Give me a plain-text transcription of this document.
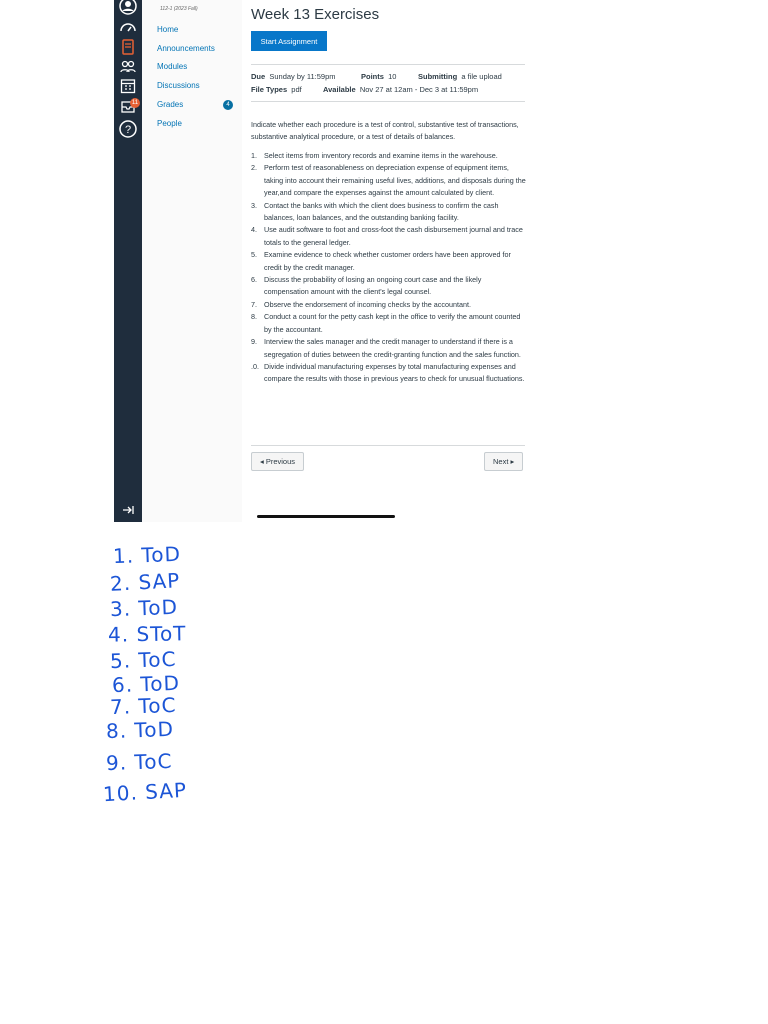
?
11
112-1 (2023 Fall)
Home
Announcements
Modules
Discussions
Grades	4
People
Week 13 Exercises
Start Assignment
Due Sunday by 11:59pm	Points 10	Submitting a file upload
File Types pdf	Available Nov 27 at 12am - Dec 3 at 11:59pm

Indicate whether each procedure is a test of control, substantive test of transactions, substantive analytical procedure, or a test of details of balances.

1. Select items from inventory records and examine items in the warehouse.
2. Perform test of reasonableness on depreciation expense of equipment items, taking into account their remaining useful lives, additions, and disposals during the year,and compare the expenses against the amount calculated by client.
3. Contact the banks with which the client does business to confirm the cash balances, loan balances, and the outstanding banking facility.
4. Use audit software to foot and cross-foot the cash disbursement journal and trace totals to the general ledger.
5. Examine evidence to check whether customer orders have been approved for credit by the credit manager.
6. Discuss the probability of losing an ongoing court case and the likely compensation amount with the client's legal counsel.
7. Observe the endorsement of incoming checks by the accountant.
8. Conduct a count for the petty cash kept in the office to verify the amount counted by the accountant.
9. Interview the sales manager and the credit manager to understand if there is a segregation of duties between the credit-granting function and the sales function.
.0. Divide individual manufacturing expenses by total manufacturing expenses and compare the results with those in previous years to check for unusual fluctuations.
◂ Previous	Next ▸
1. ToD
2. SAP
3. ToD
4. SToT
5. ToC
6. ToD
7. ToC
8. ToD
9. ToC
10. SAP
